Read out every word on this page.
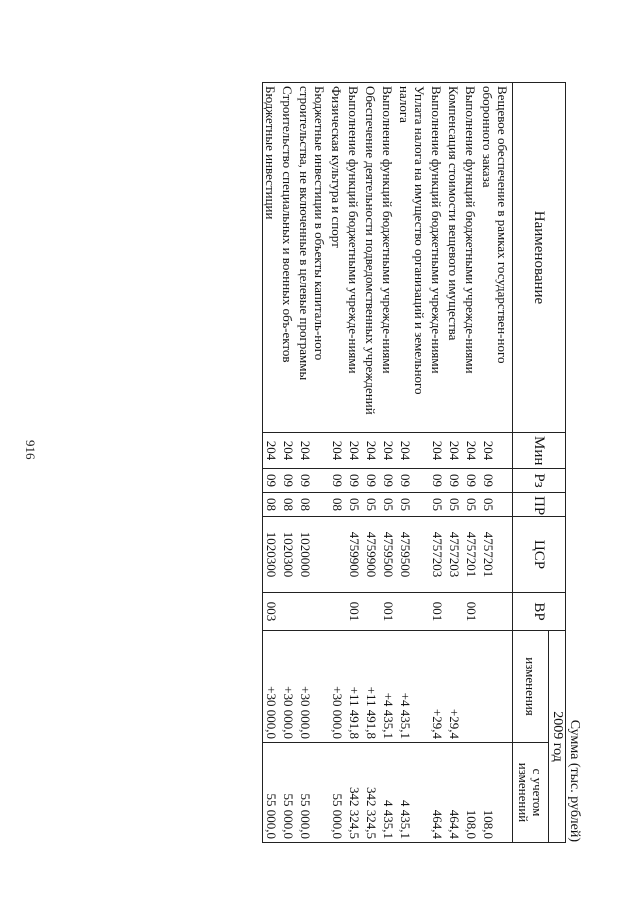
916
Сумма (тыс. рублей)
Наименование	Мин	Рз	ПР	ЦСР	ВР	2009 год	
						изменения	с учетом изменений
Вещевое обеспечение в рамках государствен-ного оборонного заказа	204	09	05	4757201			108,0
Выполнение функций бюджетными учрежде-ниями	204	09	05	4757201	001		108,0
Компенсация стоимости вещевого имущества	204	09	05	4757203		+29,4	464,4
Выполнение функций бюджетными учрежде-ниями	204	09	05	4757203	001	+29,4	464,4
Уплата налога на имущество организаций и земельного налога	204	09	05	4759500		+4 435,1	4 435,1
Выполнение функций бюджетными учрежде-ниями	204	09	05	4759500	001	+4 435,1	4 435,1
Обеспечение деятельности подведомственных учреждений	204	09	05	4759900		+11 491,8	342 324,5
Выполнение функций бюджетными учрежде-ниями	204	09	05	4759900	001	+11 491,8	342 324,5
Физическая культура и спорт	204	09	08			+30 000,0	55 000,0
Бюджетные инвестиции в объекты капиталь-ного строительства, не включенные в целевые программы	204	09	08	1020000		+30 000,0	55 000,0
Строительство специальных и военных объ-ектов	204	09	08	1020300		+30 000,0	55 000,0
Бюджетные инвестиции	204	09	08	1020300	003	+30 000,0	55 000,0
